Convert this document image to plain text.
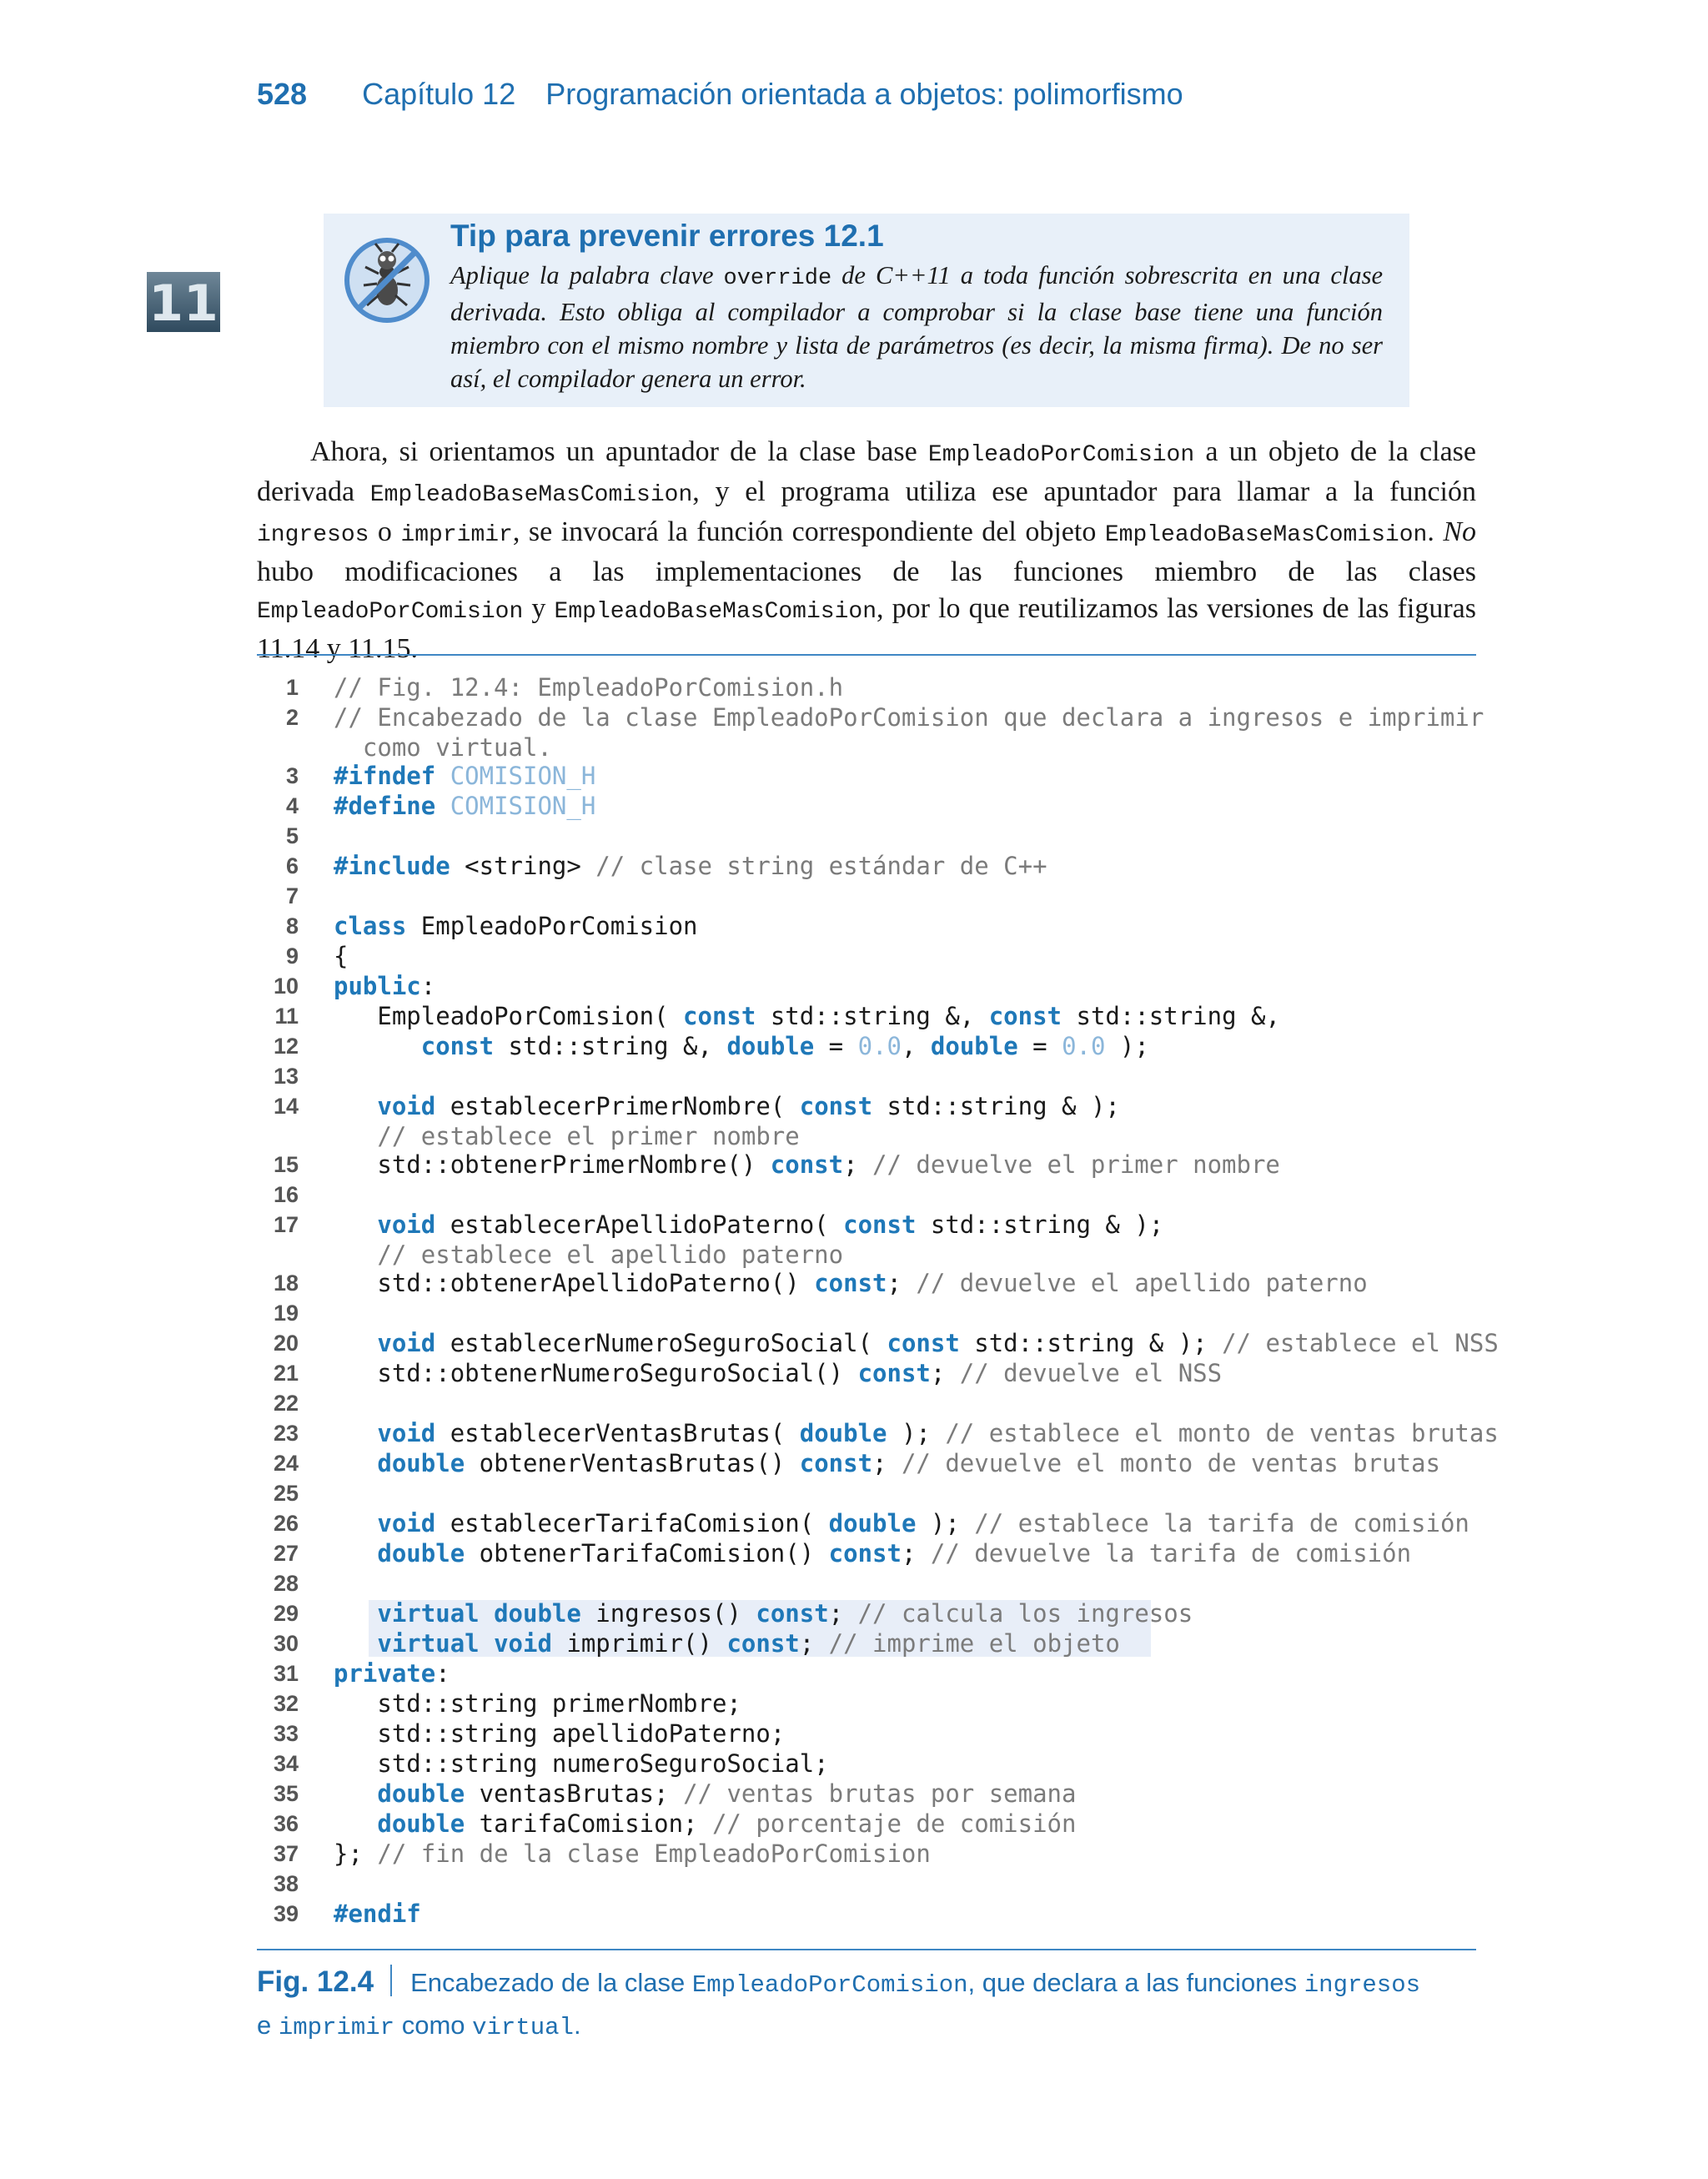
528 Capítulo 12 Programación orientada a objetos: polimorfismo
11
Tip para prevenir errores 12.1
Aplique la palabra clave override de C++11 a toda función sobrescrita en una clase derivada. Esto obliga al compilador a comprobar si la clase base tiene una función miembro con el mismo nombre y lista de parámetros (es decir, la misma firma). De no ser así, el compilador genera un error.
Ahora, si orientamos un apuntador de la clase base EmpleadoPorComision a un objeto de la clase derivada EmpleadoBaseMasComision, y el programa utiliza ese apuntador para llamar a la función ingresos o imprimir, se invocará la función correspondiente del objeto EmpleadoBaseMasComision. No hubo modificaciones a las implementaciones de las funciones miembro de las clases EmpleadoPorComision y EmpleadoBaseMasComision, por lo que reutilizamos las versiones de las figuras 11.14 y 11.15.
1 // Fig. 12.4: EmpleadoPorComision.h
2 // Encabezado de la clase EmpleadoPorComision que declara a ingresos e imprimir
como virtual.
3 #ifndef COMISION_H
4 #define COMISION_H
5
6 #include <string> // clase string estándar de C++
7
8 class EmpleadoPorComision
9 {
10 public:
11	EmpleadoPorComision( const std::string &, const std::string &,
12	const std::string &, double = 0.0, double = 0.0 );
13
14	void establecerPrimerNombre( const std::string & );
// establece el primer nombre
15	std::obtenerPrimerNombre() const; // devuelve el primer nombre
16
17	void establecerApellidoPaterno( const std::string & );
// establece el apellido paterno
18	std::obtenerApellidoPaterno() const; // devuelve el apellido paterno
19
20	void establecerNumeroSeguroSocial( const std::string & ); // establece el NSS
21	std::obtenerNumeroSeguroSocial() const; // devuelve el NSS
22
23	void establecerVentasBrutas( double ); // establece el monto de ventas brutas
24	double obtenerVentasBrutas() const; // devuelve el monto de ventas brutas
25
26	void establecerTarifaComision( double ); // establece la tarifa de comisión
27	double obtenerTarifaComision() const; // devuelve la tarifa de comisión
28
29	virtual double ingresos() const; // calcula los ingresos
30	virtual void imprimir() const; // imprime el objeto
31 private:
32	std::string primerNombre;
33	std::string apellidoPaterno;
34	std::string numeroSeguroSocial;
35	double ventasBrutas; // ventas brutas por semana
36	double tarifaComision; // porcentaje de comisión
37 }; // fin de la clase EmpleadoPorComision
38
39 #endif
Fig. 12.4 Encabezado de la clase EmpleadoPorComision, que declara a las funciones ingresos
e imprimir como virtual.
